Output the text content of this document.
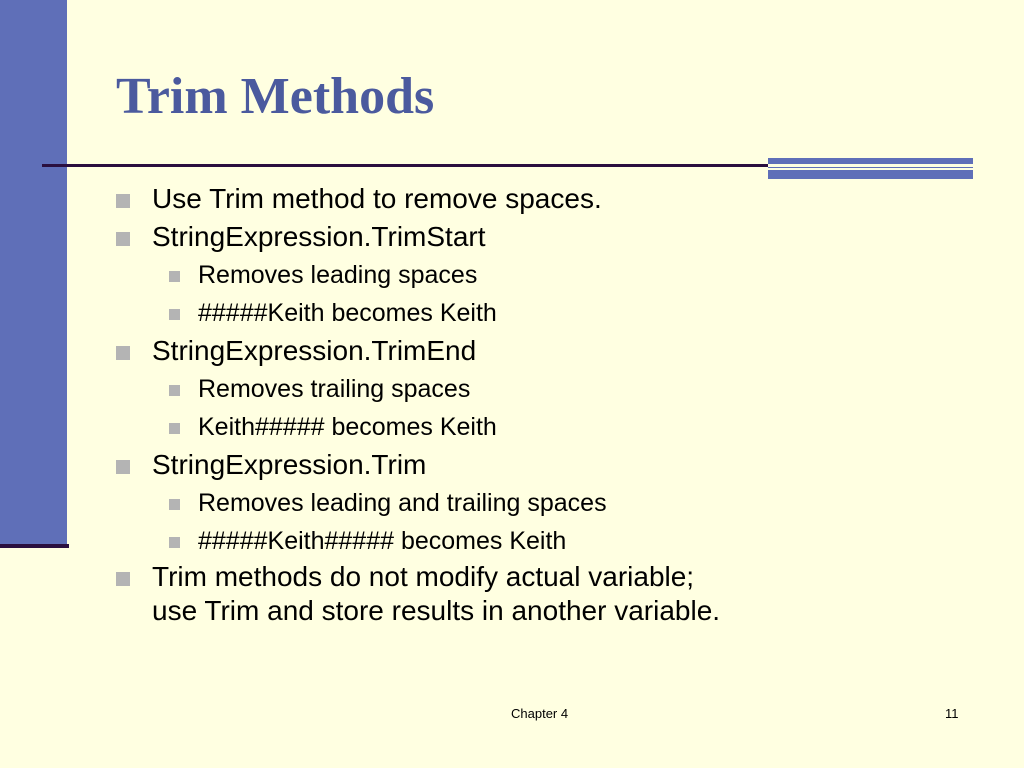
Trim Methods
Use Trim method to remove spaces.
StringExpression.TrimStart
Removes leading spaces
#####Keith becomes Keith
StringExpression.TrimEnd
Removes trailing spaces
Keith##### becomes Keith
StringExpression.Trim
Removes leading and trailing spaces
#####Keith##### becomes Keith
Trim methods do not modify actual variable;
use Trim and store results in another variable.
Chapter 4	11
